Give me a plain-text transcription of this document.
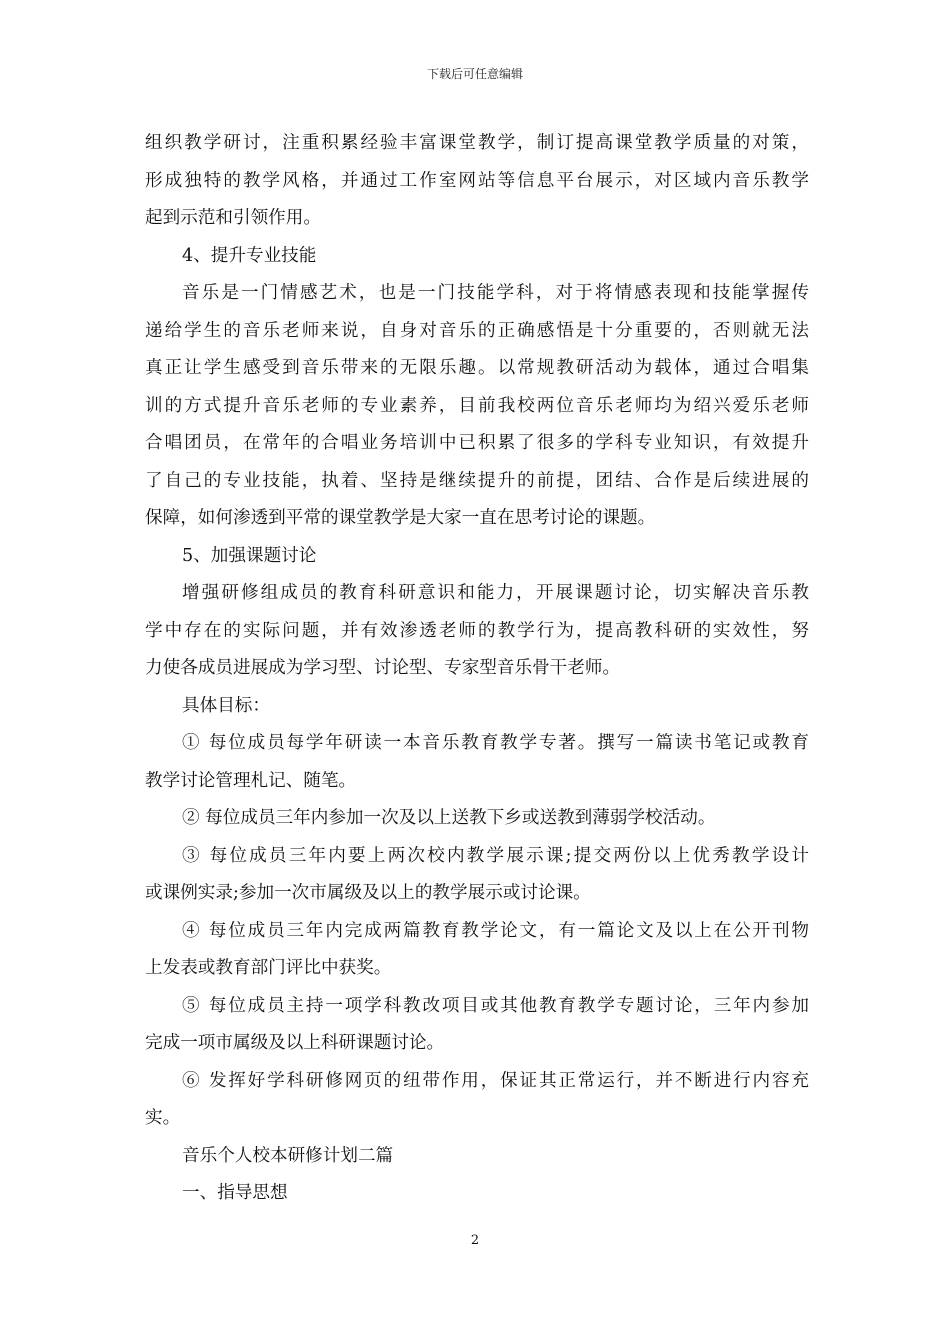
下载后可任意编辑
组织教学研讨，注重积累经验丰富课堂教学，制订提高课堂教学质量的对策，
形成独特的教学风格，并通过工作室网站等信息平台展示，对区域内音乐教学
起到示范和引领作用。
4、提升专业技能
音乐是一门情感艺术，也是一门技能学科，对于将情感表现和技能掌握传
递给学生的音乐老师来说，自身对音乐的正确感悟是十分重要的，否则就无法
真正让学生感受到音乐带来的无限乐趣。以常规教研活动为载体，通过合唱集
训的方式提升音乐老师的专业素养，目前我校两位音乐老师均为绍兴爱乐老师
合唱团员，在常年的合唱业务培训中已积累了很多的学科专业知识，有效提升
了自己的专业技能，执着、坚持是继续提升的前提，团结、合作是后续进展的
保障，如何渗透到平常的课堂教学是大家一直在思考讨论的课题。
5、加强课题讨论
增强研修组成员的教育科研意识和能力，开展课题讨论，切实解决音乐教
学中存在的实际问题，并有效渗透老师的教学行为，提高教科研的实效性，努
力使各成员进展成为学习型、讨论型、专家型音乐骨干老师。
具体目标：
① 每位成员每学年研读一本音乐教育教学专著。撰写一篇读书笔记或教育
教学讨论管理札记、随笔。
② 每位成员三年内参加一次及以上送教下乡或送教到薄弱学校活动。
③ 每位成员三年内要上两次校内教学展示课;提交两份以上优秀教学设计
或课例实录;参加一次市属级及以上的教学展示或讨论课。
④ 每位成员三年内完成两篇教育教学论文，有一篇论文及以上在公开刊物
上发表或教育部门评比中获奖。
⑤ 每位成员主持一项学科教改项目或其他教育教学专题讨论，三年内参加
完成一项市属级及以上科研课题讨论。
⑥ 发挥好学科研修网页的纽带作用，保证其正常运行，并不断进行内容充
实。
音乐个人校本研修计划二篇
一、指导思想
2
